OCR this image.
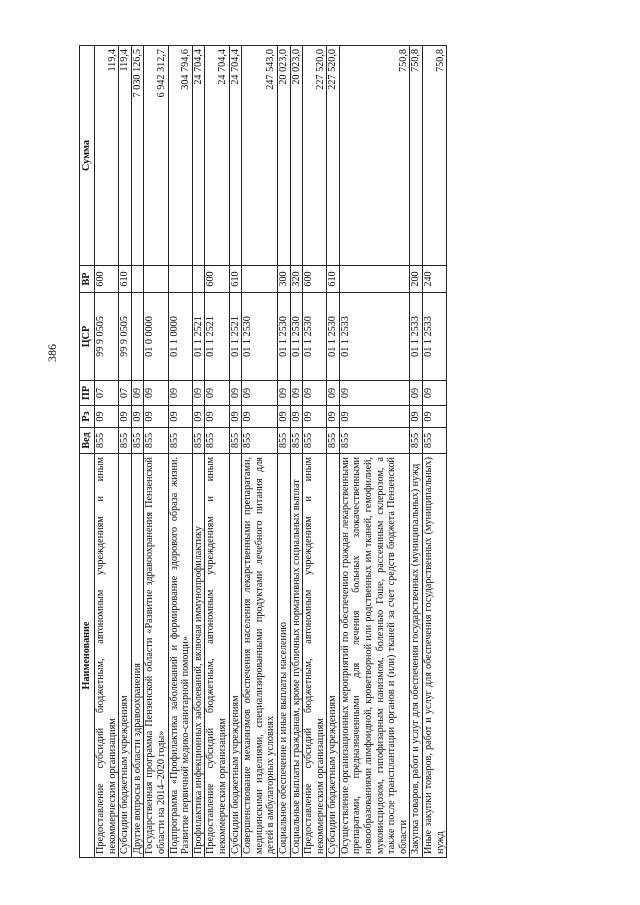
386
Наименование	Вед	Рз	ПР	ЦСР	ВР	Сумма
Предоставление субсидий бюджетным, автономным учреждениям и иным некоммерческим организациям	855	09	07	99 9 0505	600	119,4
Субсидии бюджетным учреждениям	855	09	07	99 9 0505	610	119,4
Другие вопросы в области здравоохранения	855	09	09			7 030 126,5
Государственная программа Пензенской области «Развитие здравоохранения Пензенской области на 2014–2020 годы»	855	09	09	01 0 0000		6 942 312,7
Подпрограмма «Профилактика заболеваний и формирование здорового образа жизни. Развитие первичной медико-санитарной помощи»	855	09	09	01 1 0000		304 794,6
Профилактика инфекционных заболеваний, включая иммунопрофилактику	855	09	09	01 1 2521		24 704,4
Предоставление субсидий бюджетным, автономным учреждениям и иным некоммерческим организациям	855	09	09	01 1 2521	600	24 704,4
Субсидии бюджетным учреждениям	855	09	09	01 1 2521	610	24 704,4
Совершенствование механизмов обеспечения населения лекарственными препаратами, медицинскими изделиями, специализированными продуктами лечебного питания для детей в амбулаторных условиях	855	09	09	01 1 2530		247 543,0
Социальное обеспечение и иные выплаты населению	855	09	09	01 1 2530	300	20 023,0
Социальные выплаты гражданам, кроме публичных нормативных социальных выплат	855	09	09	01 1 2530	320	20 023,0
Предоставление субсидий бюджетным, автономным учреждениям и иным некоммерческим организациям	855	09	09	01 1 2530	600	227 520,0
Субсидии бюджетным учреждениям	855	09	09	01 1 2530	610	227 520,0
Осуществление организационных мероприятий по обеспечению граждан лекарственными препаратами, предназначенными для лечения больных злокачественными новообразованиями лимфоидной, кроветворной или родственных им тканей, гемофилией, муковисцидозом, гипофизарным нанизмом, болезнью Гоше, рассеянным склерозом, а также после трансплантации органов и (или) тканей за счет средств бюджета Пензенской области	855	09	09	01 1 2533		750,8
Закупка товаров, работ и услуг для обеспечения государственных (муниципальных) нужд	855	09	09	01 1 2533	200	750,8
Иные закупки товаров, работ и услуг для обеспечения государственных (муниципальных) нужд	855	09	09	01 1 2533	240	750,8
